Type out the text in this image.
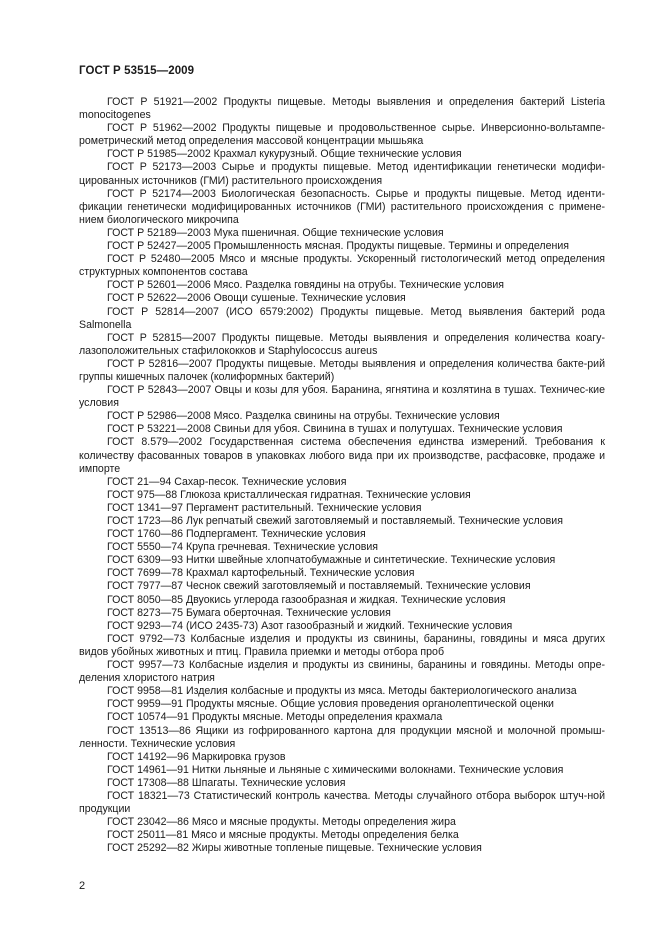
ГОСТ Р 53515—2009

ГОСТ Р 51921—2002 Продукты пищевые. Методы выявления и определения бактерий Listeria monocitogenes

ГОСТ Р 51962—2002 Продукты пищевые и продовольственное сырье. Инверсионно-вольтампе-рометрический метод определения массовой концентрации мышьяка

ГОСТ Р 51985—2002 Крахмал кукурузный. Общие технические условия

ГОСТ Р 52173—2003 Сырье и продукты пищевые. Метод идентификации генетически модифи-цированных источников (ГМИ) растительного происхождения

ГОСТ Р 52174—2003 Биологическая безопасность. Сырье и продукты пищевые. Метод иденти-фикации генетически модифицированных источников (ГМИ) растительного происхождения с примене-нием биологического микрочипа

ГОСТ Р 52189—2003 Мука пшеничная. Общие технические условия

ГОСТ Р 52427—2005 Промышленность мясная. Продукты пищевые. Термины и определения

ГОСТ Р 52480—2005 Мясо и мясные продукты. Ускоренный гистологический метод определения структурных компонентов состава

ГОСТ Р 52601—2006 Мясо. Разделка говядины на отрубы. Технические условия

ГОСТ Р 52622—2006 Овощи сушеные. Технические условия

ГОСТ Р 52814—2007 (ИСО 6579:2002) Продукты пищевые. Метод выявления бактерий рода Salmonella

ГОСТ Р 52815—2007 Продукты пищевые. Методы выявления и определения количества коагу-лазоположительных стафилококков и Staphylococcus aureus

ГОСТ Р 52816—2007 Продукты пищевые. Методы выявления и определения количества бакте-рий группы кишечных палочек (колиформных бактерий)

ГОСТ Р 52843—2007 Овцы и козы для убоя. Баранина, ягнятина и козлятина в тушах. Техничес-кие условия

ГОСТ Р 52986—2008 Мясо. Разделка свинины на отрубы. Технические условия

ГОСТ Р 53221—2008 Свиньи для убоя. Свинина в тушах и полутушах. Технические условия

ГОСТ 8.579—2002 Государственная система обеспечения единства измерений. Требования к количеству фасованных товаров в упаковках любого вида при их производстве, расфасовке, продаже и импорте

ГОСТ 21—94 Сахар-песок. Технические условия

ГОСТ 975—88 Глюкоза кристаллическая гидратная. Технические условия

ГОСТ 1341—97 Пергамент растительный. Технические условия

ГОСТ 1723—86 Лук репчатый свежий заготовляемый и поставляемый. Технические условия

ГОСТ 1760—86 Подпергамент. Технические условия

ГОСТ 5550—74 Крупа гречневая. Технические условия

ГОСТ 6309—93 Нитки швейные хлопчатобумажные и синтетические. Технические условия

ГОСТ 7699—78 Крахмал картофельный. Технические условия

ГОСТ 7977—87 Чеснок свежий заготовляемый и поставляемый. Технические условия

ГОСТ 8050—85 Двуокись углерода газообразная и жидкая. Технические условия

ГОСТ 8273—75 Бумага оберточная. Технические условия

ГОСТ 9293—74 (ИСО 2435-73) Азот газообразный и жидкий. Технические условия

ГОСТ 9792—73 Колбасные изделия и продукты из свинины, баранины, говядины и мяса других видов убойных животных и птиц. Правила приемки и методы отбора проб

ГОСТ 9957—73 Колбасные изделия и продукты из свинины, баранины и говядины. Методы опре-деления хлористого натрия

ГОСТ 9958—81 Изделия колбасные и продукты из мяса. Методы бактериологического анализа

ГОСТ 9959—91 Продукты мясные. Общие условия проведения органолептической оценки

ГОСТ 10574—91 Продукты мясные. Методы определения крахмала

ГОСТ 13513—86 Ящики из гофрированного картона для продукции мясной и молочной промыш-ленности. Технические условия

ГОСТ 14192—96 Маркировка грузов

ГОСТ 14961—91 Нитки льняные и льняные с химическими волокнами. Технические условия

ГОСТ 17308—88 Шпагаты. Технические условия

ГОСТ 18321—73 Статистический контроль качества. Методы случайного отбора выборок штуч-ной продукции

ГОСТ 23042—86 Мясо и мясные продукты. Методы определения жира

ГОСТ 25011—81 Мясо и мясные продукты. Методы определения белка

ГОСТ 25292—82 Жиры животные топленые пищевые. Технические условия

2
